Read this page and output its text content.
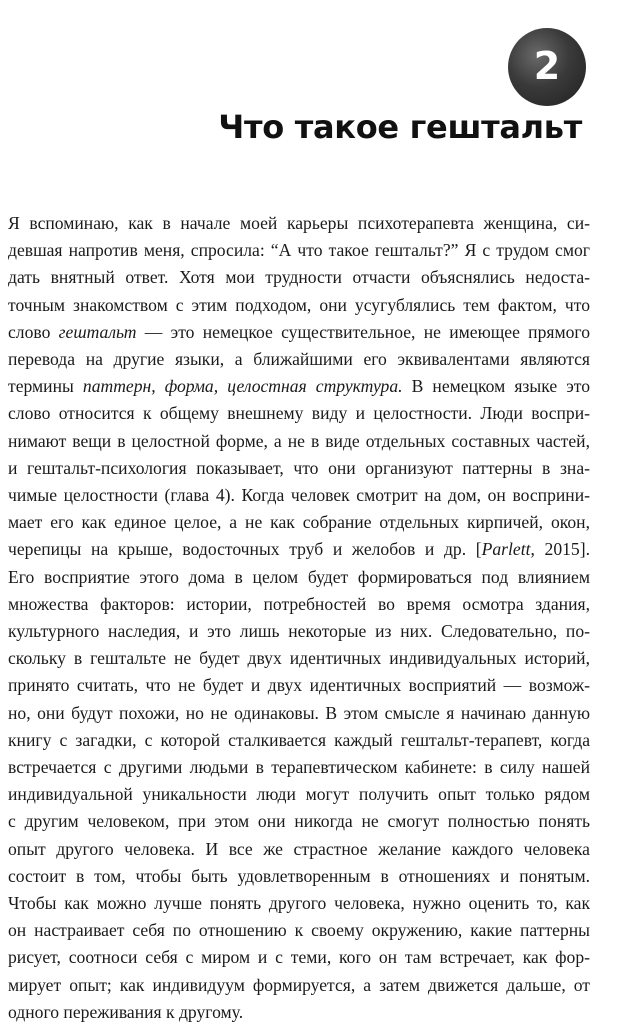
2
Что такое гештальт
Я вспоминаю, как в начале моей карьеры психотерапевта женщина, си-
девшая напротив меня, спросила: “А что такое гештальт?” Я с трудом смог
дать внятный ответ. Хотя мои трудности отчасти объяснялись недоста-
точным знакомством с этим подходом, они усугублялись тем фактом, что
слово гештальт — это немецкое существительное, не имеющее прямого
перевода на другие языки, а ближайшими его эквивалентами являются
термины паттерн, форма, целостная структура. В немецком языке это
слово относится к общему внешнему виду и целостности. Люди воспри-
нимают вещи в целостной форме, а не в виде отдельных составных частей,
и гештальт-психология показывает, что они организуют паттерны в зна-
чимые целостности (глава 4). Когда человек смотрит на дом, он восприни-
мает его как единое целое, а не как собрание отдельных кирпичей, окон,
черепицы на крыше, водосточных труб и желобов и др. [Parlett, 2015].
Его восприятие этого дома в целом будет формироваться под влиянием
множества факторов: истории, потребностей во время осмотра здания,
культурного наследия, и это лишь некоторые из них. Следовательно, по-
скольку в гештальте не будет двух идентичных индивидуальных историй,
принято считать, что не будет и двух идентичных восприятий — возмож-
но, они будут похожи, но не одинаковы. В этом смысле я начинаю данную
книгу с загадки, с которой сталкивается каждый гештальт-терапевт, когда
встречается с другими людьми в терапевтическом кабинете: в силу нашей
индивидуальной уникальности люди могут получить опыт только рядом
с другим человеком, при этом они никогда не смогут полностью понять
опыт другого человека. И все же страстное желание каждого человека
состоит в том, чтобы быть удовлетворенным в отношениях и понятым.
Чтобы как можно лучше понять другого человека, нужно оценить то, как
он настраивает себя по отношению к своему окружению, какие паттерны
рисует, соотноси себя с миром и с теми, кого он там встречает, как фор-
мирует опыт; как индивидуум формируется, а затем движется дальше, от
одного переживания к другому.
